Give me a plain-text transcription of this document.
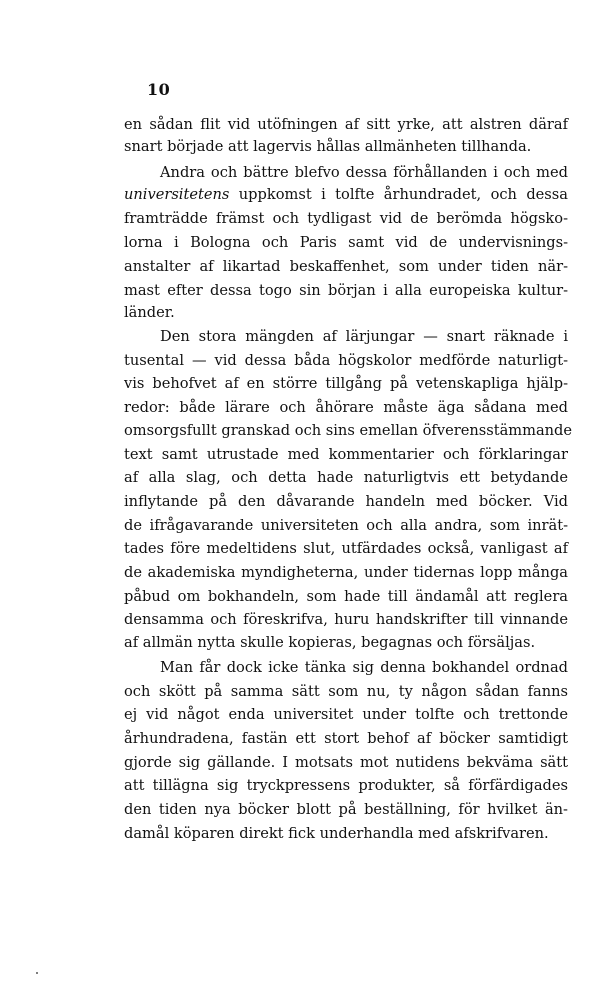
10
en sådan flit vid utöfningen af sitt yrke, att alstren däraf
snart började att lagervis hållas allmänheten tillhanda.
Andra och bättre blefvo dessa förhållanden i och med
universitetens uppkomst i tolfte århundradet, och dessa
framträdde främst och tydligast vid de berömda högsko-
lorna i Bologna och Paris samt vid de undervisnings-
anstalter af likartad beskaffenhet, som under tiden när-
mast efter dessa togo sin början i alla europeiska kultur-
länder.
Den stora mängden af lärjungar — snart räknade i
tusental — vid dessa båda högskolor medförde naturligt-
vis behofvet af en större tillgång på vetenskapliga hjälp-
redor: både lärare och åhörare måste äga sådana med
omsorgsfullt granskad och sins emellan öfverensstämmande
text samt utrustade med kommentarier och förklaringar
af alla slag, och detta hade naturligtvis ett betydande
inflytande på den dåvarande handeln med böcker. Vid
de ifrågavarande universiteten och alla andra, som inrät-
tades före medeltidens slut, utfärdades också, vanligast af
de akademiska myndigheterna, under tidernas lopp många
påbud om bokhandeln, som hade till ändamål att reglera
densamma och föreskrifva, huru handskrifter till vinnande
af allmän nytta skulle kopieras, begagnas och försäljas.
Man får dock icke tänka sig denna bokhandel ordnad
och skött på samma sätt som nu, ty någon sådan fanns
ej vid något enda universitet under tolfte och trettonde
århundradena, fastän ett stort behof af böcker samtidigt
gjorde sig gällande. I motsats mot nutidens bekväma sätt
att tillägna sig tryckpressens produkter, så förfärdigades
den tiden nya böcker blott på beställning, för hvilket än-
damål köparen direkt fick underhandla med afskrifvaren.
